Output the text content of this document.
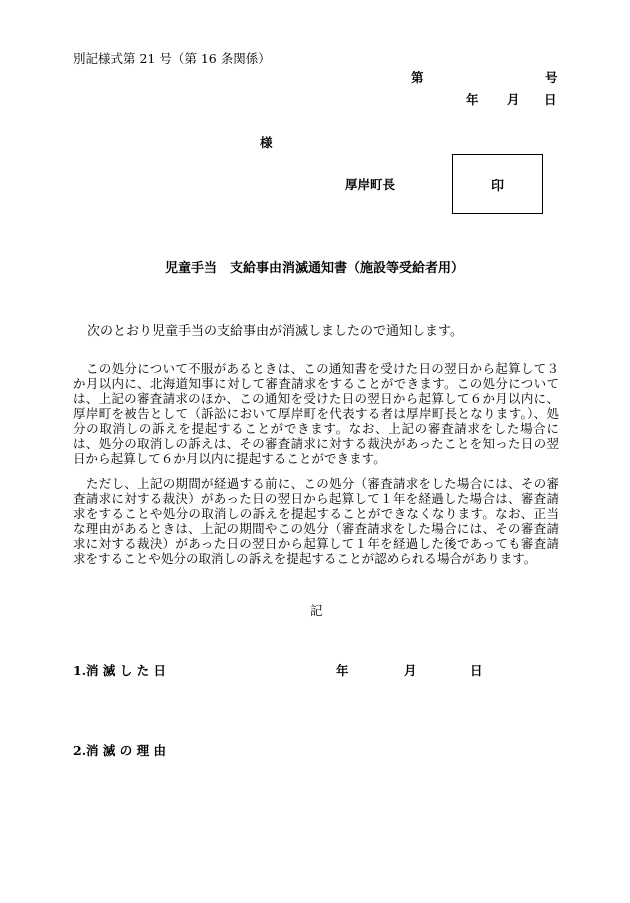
別記様式第 21 号（第 16 条関係）
第	号
年 月 日
様
厚岸町長	印
児童手当　支給事由消滅通知書（施設等受給者用）
次のとおり児童手当の支給事由が消滅しましたので通知します。
この処分について不服があるときは、この通知書を受けた日の翌日から起算して３か月以内に、北海道知事に対して審査請求をすることができます。この処分については、上記の審査請求のほか、この通知を受けた日の翌日から起算して６か月以内に、厚岸町を被告として（訴訟において厚岸町を代表する者は厚岸町長となります。）、処分の取消しの訴えを提起することができます。なお、上記の審査請求をした場合には、処分の取消しの訴えは、その審査請求に対する裁決があったことを知った日の翌日から起算して６か月以内に提起することができます。
ただし、上記の期間が経過する前に、この処分（審査請求をした場合には、その審査請求に対する裁決）があった日の翌日から起算して１年を経過した場合は、審査請求をすることや処分の取消しの訴えを提起することができなくなります。なお、正当な理由があるときは、上記の期間やこの処分（審査請求をした場合には、その審査請求に対する裁決）があった日の翌日から起算して１年を経過した後であっても審査請求をすることや処分の取消しの訴えを提起することが認められる場合があります。
記
1.消 滅 し た 日	年	月	日
2.消 滅 の 理 由
